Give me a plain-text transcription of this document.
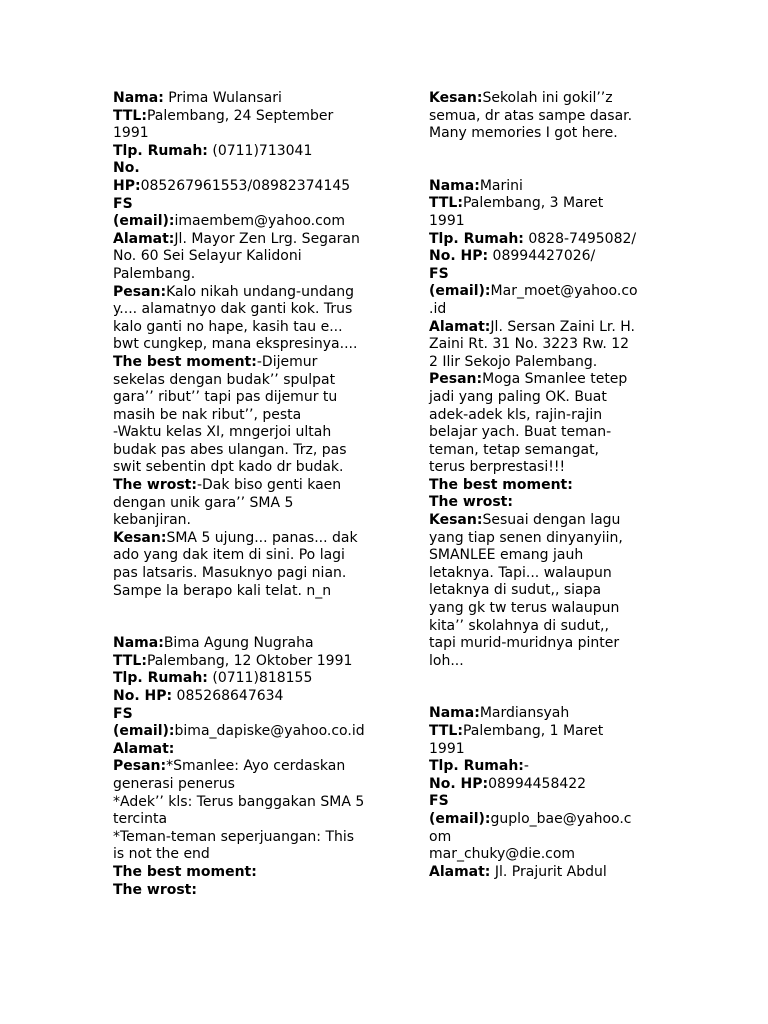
Nama: Prima Wulansari
TTL:Palembang, 24 September
1991
Tlp. Rumah: (0711)713041
No.
HP:085267961553/08982374145
FS
(email):imaembem@yahoo.com
Alamat:Jl. Mayor Zen Lrg. Segaran
No. 60 Sei Selayur Kalidoni
Palembang.
Pesan:Kalo nikah undang-undang
y.... alamatnyo dak ganti kok. Trus
kalo ganti no hape, kasih tau e...
bwt cungkep, mana ekspresinya....
The best moment:-Dijemur
sekelas dengan budak’’ spulpat
gara’’ ribut’’ tapi pas dijemur tu
masih be nak ribut’’, pesta
-Waktu kelas XI, mngerjoi ultah
budak pas abes ulangan. Trz, pas
swit sebentin dpt kado dr budak.
The wrost:-Dak biso genti kaen
dengan unik gara’’ SMA 5
kebanjiran.
Kesan:SMA 5 ujung... panas... dak
ado yang dak item di sini. Po lagi
pas latsaris. Masuknyo pagi nian.
Sampe la berapo kali telat. n_n
Nama:Bima Agung Nugraha
TTL:Palembang, 12 Oktober 1991
Tlp. Rumah: (0711)818155
No. HP: 085268647634
FS
(email):bima_dapiske@yahoo.co.id
Alamat:
Pesan:*Smanlee: Ayo cerdaskan
generasi penerus
*Adek’’ kls: Terus banggakan SMA 5
tercinta
*Teman-teman seperjuangan: This
is not the end
The best moment:
The wrost:
Kesan:Sekolah ini gokil’’z
semua, dr atas sampe dasar.
Many memories I got here.
Nama:Marini
TTL:Palembang, 3 Maret
1991
Tlp. Rumah: 0828-7495082/
No. HP: 08994427026/
FS
(email):Mar_moet@yahoo.co
.id
Alamat:Jl. Sersan Zaini Lr. H.
Zaini Rt. 31 No. 3223 Rw. 12
2 Ilir Sekojo Palembang.
Pesan:Moga Smanlee tetep
jadi yang paling OK. Buat
adek-adek kls, rajin-rajin
belajar yach. Buat teman-
teman, tetap semangat,
terus berprestasi!!!
The best moment:
The wrost:
Kesan:Sesuai dengan lagu
yang tiap senen dinyanyiin,
SMANLEE emang jauh
letaknya. Tapi... walaupun
letaknya di sudut,, siapa
yang gk tw terus walaupun
kita’’ skolahnya di sudut,,
tapi murid-muridnya pinter
loh...
Nama:Mardiansyah
TTL:Palembang, 1 Maret
1991
Tlp. Rumah:-
No. HP:08994458422
FS
(email):guplo_bae@yahoo.c
om
mar_chuky@die.com
Alamat: Jl. Prajurit Abdul
